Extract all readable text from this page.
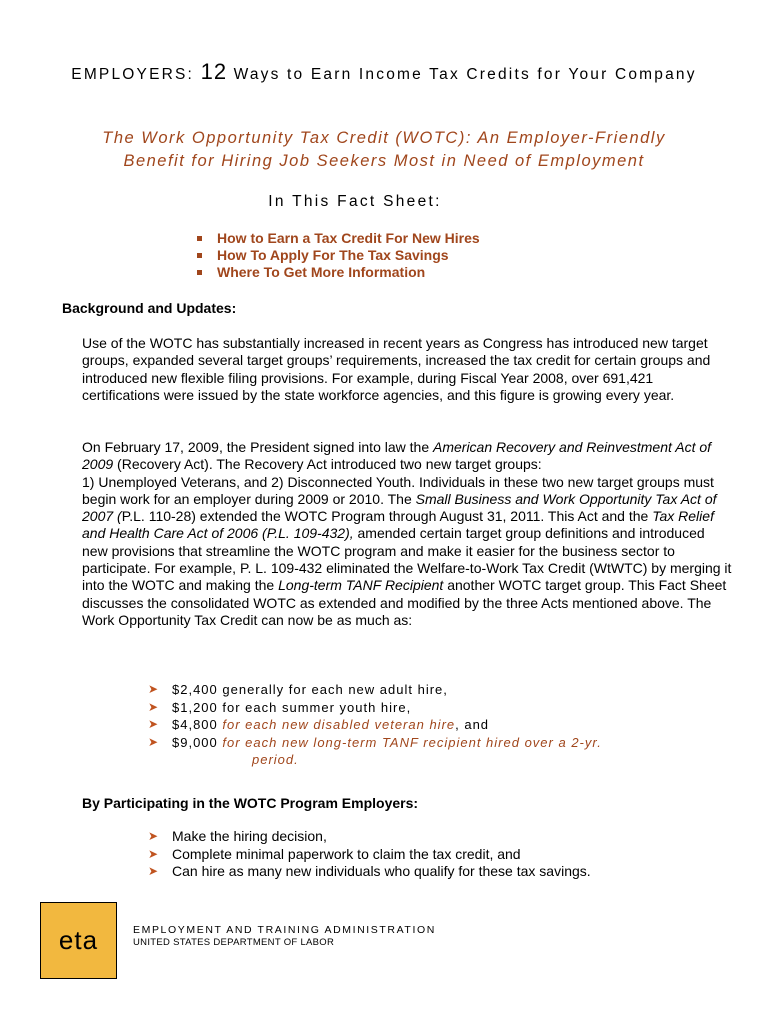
EMPLOYERS: 12 Ways to Earn Income Tax Credits for Your Company
The Work Opportunity Tax Credit (WOTC): An Employer-Friendly
Benefit for Hiring Job Seekers Most in Need of Employment
In This Fact Sheet:
How to Earn a Tax Credit For New Hires
How To Apply For The Tax Savings
Where To Get More Information
Background and Updates:
Use of the WOTC has substantially increased in recent years as Congress has introduced new target groups, expanded several target groups’ requirements, increased the tax credit for certain groups and introduced new flexible filing provisions. For example, during Fiscal Year 2008, over 691,421 certifications were issued by the state workforce agencies, and this figure is growing every year.
On February 17, 2009, the President signed into law the American Recovery and Reinvestment Act of 2009 (Recovery Act). The Recovery Act introduced two new target groups:
1) Unemployed Veterans, and 2) Disconnected Youth. Individuals in these two new target groups must begin work for an employer during 2009 or 2010. The Small Business and Work Opportunity Tax Act of 2007 (P.L. 110-28) extended the WOTC Program through August 31, 2011. This Act and the Tax Relief and Health Care Act of 2006 (P.L. 109-432), amended certain target group definitions and introduced new provisions that streamline the WOTC program and make it easier for the business sector to participate. For example, P. L. 109-432 eliminated the Welfare-to-Work Tax Credit (WtWTC) by merging it into the WOTC and making the Long-term TANF Recipient another WOTC target group. This Fact Sheet discusses the consolidated WOTC as extended and modified by the three Acts mentioned above. The Work Opportunity Tax Credit can now be as much as:
➤ $2,400 generally for each new adult hire,
➤ $1,200 for each summer youth hire,
➤ $4,800 for each new disabled veteran hire, and
➤ $9,000 for each new long-term TANF recipient hired over a 2-yr.
period.
By Participating in the WOTC Program Employers:
➤ Make the hiring decision,
➤ Complete minimal paperwork to claim the tax credit, and
➤ Can hire as many new individuals who qualify for these tax savings.
eta	EMPLOYMENT AND TRAINING ADMINISTRATION
UNITED STATES DEPARTMENT OF LABOR
